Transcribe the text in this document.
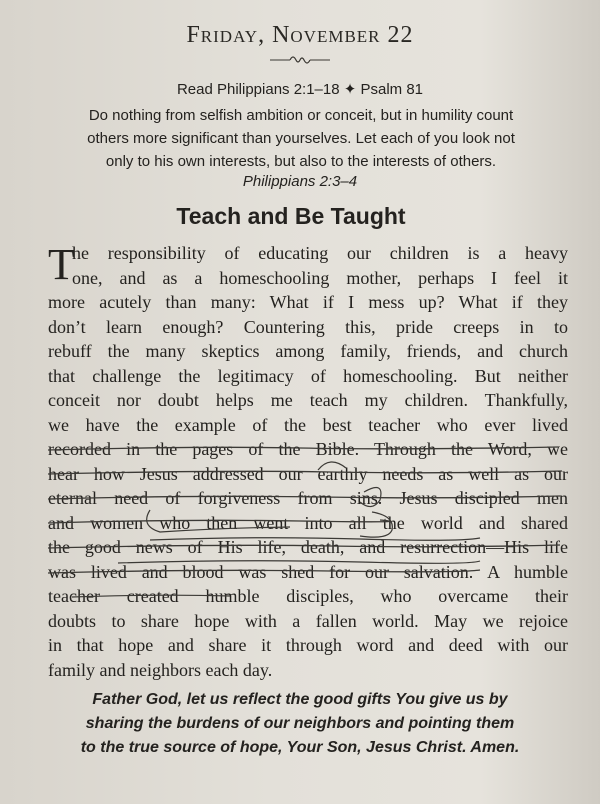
Friday, November 22
Read Philippians 2:1–18 ✦ Psalm 81
Do nothing from selfish ambition or conceit, but in humility count
others more significant than yourselves. Let each of you look not
only to his own interests, but also to the interests of others.
Philippians 2:3–4
Teach and Be Taught
T
he responsibility of educating our children is a heavy
one, and as a homeschooling mother, perhaps I feel it
more acutely than many: What if I mess up? What if they
don’t learn enough? Countering this, pride creeps in to
rebuff the many skeptics among family, friends, and church
that challenge the legitimacy of homeschooling. But neither
conceit nor doubt helps me teach my children. Thankfully,
we have the example of the best teacher who ever lived
recorded in the pages of the Bible. Through the Word, we
hear how Jesus addressed our earthly needs as well as our
eternal need of forgiveness from sins. Jesus discipled men
and women who then went into all the world and shared
the good news of His life, death, and resurrection—His life
was lived and blood was shed for our salvation. A humble
teacher created humble disciples, who overcame their
doubts to share hope with a fallen world. May we rejoice
in that hope and share it through word and deed with our
family and neighbors each day.
Father God, let us reflect the good gifts You give us by
sharing the burdens of our neighbors and pointing them
to the true source of hope, Your Son, Jesus Christ. Amen.
